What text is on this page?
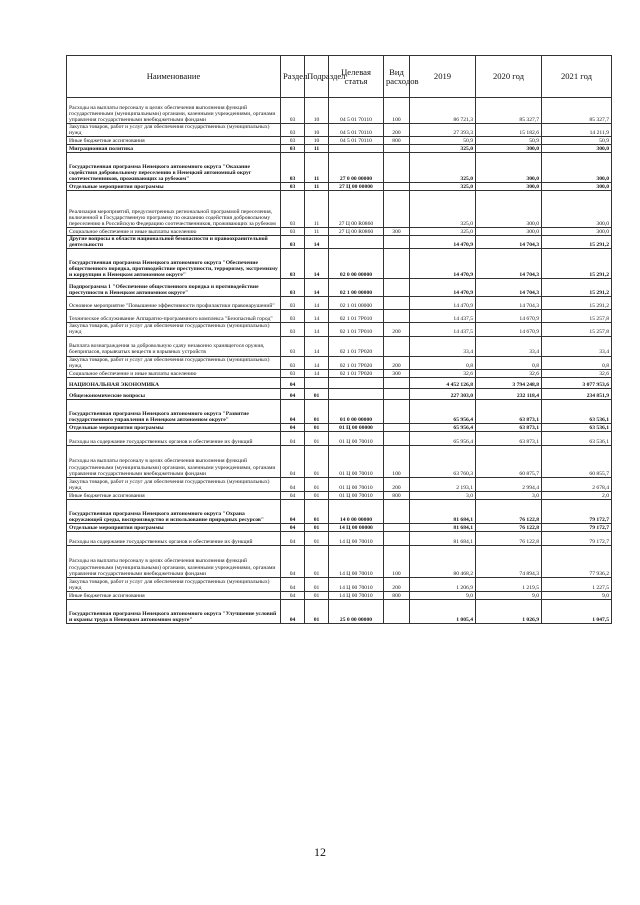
Наименование	Раздел	Подраздел	Целевая статья	Вид расходов	2019	2020 год	2021 год
Расходы на выплаты персоналу в целях обеспечения выполнения функций государственными (муниципальными) органами, казенными учреждениями, органами управления государственными внебюджетными фондами	03	10	04 5 01 70110	100	86 721,3	85 327,7	85 327,7
Закупка товаров, работ и услуг для обеспечения государственных (муниципальных) нужд	03	10	04 5 01 70110	200	27 393,3	15 182,6	14 211,9
Иные бюджетные ассигнования	03	10	04 5 01 70110	800	50,9	50,9	50,9
Миграционная политика	03	11			325,0	300,0	300,0
Государственная программа Ненецкого автономного округа "Оказание содействия добровольному переселению в Ненецкий автономный округ соотечественников, проживающих за рубежом"	03	11	27 0 00 00000		325,0	300,0	300,0
Отдельные мероприятия программы	03	11	27 Ц 00 00000		325,0	300,0	300,0
Реализация мероприятий, предусмотренных региональной программой переселения, включенной в Государственную программу по оказанию содействия добровольному переселению в Российскую Федерацию соотечественников, проживающих за рубежом	03	11	27 Ц 00 R0860		325,0	300,0	300,0
Социальное обеспечение и иные выплаты населению	03	11	27 Ц 00 R0860	300	325,0	300,0	300,0
Другие вопросы в области национальной безопасности и правоохранительной деятельности	03	14			14 470,9	14 704,3	15 291,2
Государственная программа Ненецкого автономного округа "Обеспечение общественного порядка, противодействие преступности, терроризму, экстремизму и коррупции в Ненецком автономном округе"	03	14	02 0 00 00000		14 470,9	14 704,3	15 291,2
Подпрограмма 1 "Обеспечение общественного порядка и противодействие преступности в Ненецком автономном округе"	03	14	02 1 00 00000		14 470,9	14 704,3	15 291,2
Основное мероприятие "Повышение эффективности профилактики правонарушений"	03	14	02 1 01 00000		14 470,9	14 704,3	15 291,2
Техническое обслуживание Аппаратно-программного комплекса "Безопасный город"	03	14	02 1 01 7P010		14 437,5	14 670,9	15 257,8
Закупка товаров, работ и услуг для обеспечения государственных (муниципальных) нужд	03	14	02 1 01 7P010	200	14 437,5	14 670,9	15 257,8
Выплата вознаграждения за добровольную сдачу незаконно хранящегося оружия, боеприпасов, взрывчатых веществ и взрывных устройств	03	14	02 1 01 7P020		33,4	33,4	33,4
Закупка товаров, работ и услуг для обеспечения государственных (муниципальных) нужд	03	14	02 1 01 7P020	200	0,8	0,8	0,8
Социальное обеспечение и иные выплаты населению	03	14	02 1 01 7P020	300	32,6	32,6	32,6
НАЦИОНАЛЬНАЯ ЭКОНОМИКА	04				4 452 126,8	3 794 248,8	3 077 953,6
Общеэкономические вопросы	04	01			227 303,0	232 118,4	234 851,9
Государственная программа Ненецкого автономного округа "Развитие государственного управления в Ненецком автономном округе"	04	01	01 0 00 00000		65 956,4	63 873,1	63 536,1
Отдельные мероприятия программы	04	01	01 Ц 00 00000		65 956,4	63 873,1	63 536,1
Расходы на содержание государственных органов и обеспечение их функций	04	01	01 Ц 00 70010		65 956,4	63 873,1	63 536,1
Расходы на выплаты персоналу в целях обеспечения выполнения функций государственными (муниципальными) органами, казенными учреждениями, органами управления государственными внебюджетными фондами	04	01	01 Ц 00 70010	100	63 760,3	60 875,7	60 855,7
Закупка товаров, работ и услуг для обеспечения государственных (муниципальных) нужд	04	01	01 Ц 00 70010	200	2 193,1	2 994,4	2 678,4
Иные бюджетные ассигнования	04	01	01 Ц 00 70010	800	3,0	3,0	2,0
Государственная программа Ненецкого автономного округа "Охрана окружающей среды, воспроизводство и использование природных ресурсов"	04	01	14 0 00 00000		81 684,1	76 122,8	79 172,7
Отдельные мероприятия программы	04	01	14 Ц 00 00000		81 684,1	76 122,8	79 172,7
Расходы на содержание государственных органов и обеспечение их функций	04	01	14 Ц 00 70010		81 684,1	76 122,8	79 172,7
Расходы на выплаты персоналу в целях обеспечения выполнения функций государственными (муниципальными) органами, казенными учреждениями, органами управления государственными внебюджетными фондами	04	01	14 Ц 00 70010	100	80 468,2	74 894,3	77 936,2
Закупка товаров, работ и услуг для обеспечения государственных (муниципальных) нужд	04	01	14 Ц 00 70010	200	1 206,9	1 219,5	1 227,5
Иные бюджетные ассигнования	04	01	14 Ц 00 70010	800	9,0	9,0	9,0
Государственная программа Ненецкого автономного округа "Улучшение условий и охраны труда в Ненецком автономном округе"	04	01	25 0 00 00000		1 005,4	1 026,9	1 047,5
12
